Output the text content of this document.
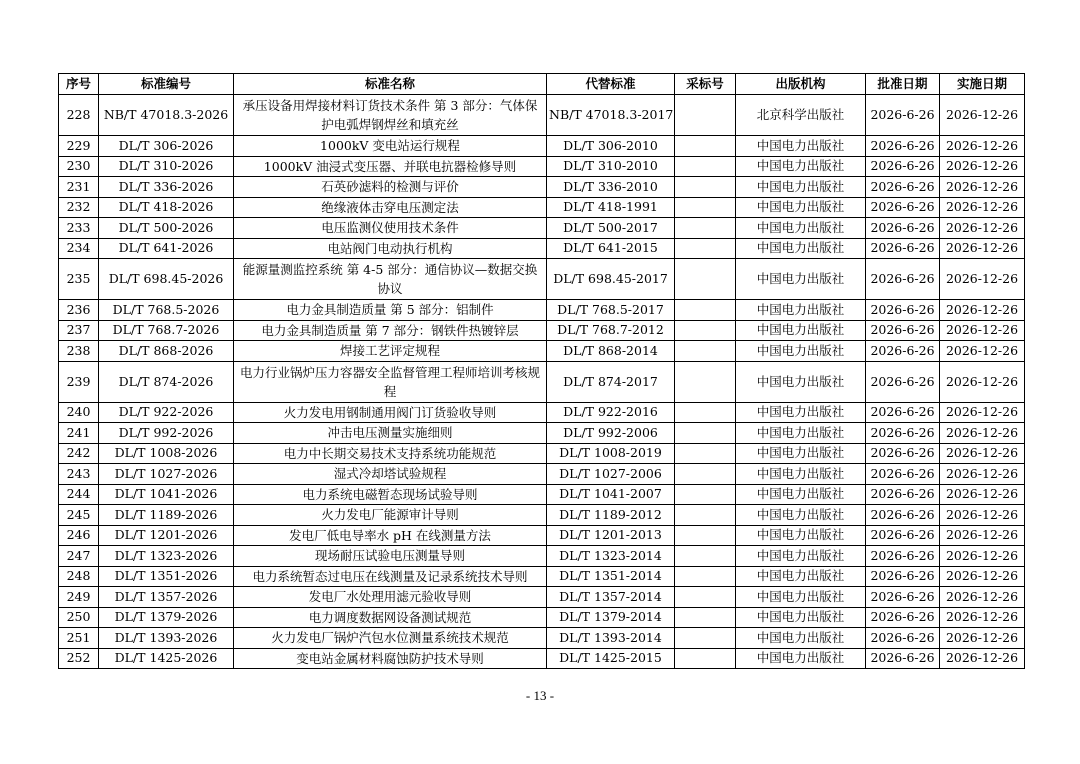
序号	标准编号	标准名称	代替标准	采标号	出版机构	批准日期	实施日期
228	NB/T 47018.3-2026	承压设备用焊接材料订货技术条件 第 3 部分：气体保护电弧焊钢焊丝和填充丝	NB/T 47018.3-2017		北京科学出版社	2026-6-26	2026-12-26
229	DL/T 306-2026	1000kV 变电站运行规程	DL/T 306-2010		中国电力出版社	2026-6-26	2026-12-26
230	DL/T 310-2026	1000kV 油浸式变压器、并联电抗器检修导则	DL/T 310-2010		中国电力出版社	2026-6-26	2026-12-26
231	DL/T 336-2026	石英砂滤料的检测与评价	DL/T 336-2010		中国电力出版社	2026-6-26	2026-12-26
232	DL/T 418-2026	绝缘液体击穿电压测定法	DL/T 418-1991		中国电力出版社	2026-6-26	2026-12-26
233	DL/T 500-2026	电压监测仪使用技术条件	DL/T 500-2017		中国电力出版社	2026-6-26	2026-12-26
234	DL/T 641-2026	电站阀门电动执行机构	DL/T 641-2015		中国电力出版社	2026-6-26	2026-12-26
235	DL/T 698.45-2026	能源量测监控系统 第 4-5 部分：通信协议—数据交换协议	DL/T 698.45-2017		中国电力出版社	2026-6-26	2026-12-26
236	DL/T 768.5-2026	电力金具制造质量 第 5 部分：铝制件	DL/T 768.5-2017		中国电力出版社	2026-6-26	2026-12-26
237	DL/T 768.7-2026	电力金具制造质量 第 7 部分：钢铁件热镀锌层	DL/T 768.7-2012		中国电力出版社	2026-6-26	2026-12-26
238	DL/T 868-2026	焊接工艺评定规程	DL/T 868-2014		中国电力出版社	2026-6-26	2026-12-26
239	DL/T 874-2026	电力行业锅炉压力容器安全监督管理工程师培训考核规程	DL/T 874-2017		中国电力出版社	2026-6-26	2026-12-26
240	DL/T 922-2026	火力发电用钢制通用阀门订货验收导则	DL/T 922-2016		中国电力出版社	2026-6-26	2026-12-26
241	DL/T 992-2026	冲击电压测量实施细则	DL/T 992-2006		中国电力出版社	2026-6-26	2026-12-26
242	DL/T 1008-2026	电力中长期交易技术支持系统功能规范	DL/T 1008-2019		中国电力出版社	2026-6-26	2026-12-26
243	DL/T 1027-2026	湿式冷却塔试验规程	DL/T 1027-2006		中国电力出版社	2026-6-26	2026-12-26
244	DL/T 1041-2026	电力系统电磁暂态现场试验导则	DL/T 1041-2007		中国电力出版社	2026-6-26	2026-12-26
245	DL/T 1189-2026	火力发电厂能源审计导则	DL/T 1189-2012		中国电力出版社	2026-6-26	2026-12-26
246	DL/T 1201-2026	发电厂低电导率水 pH 在线测量方法	DL/T 1201-2013		中国电力出版社	2026-6-26	2026-12-26
247	DL/T 1323-2026	现场耐压试验电压测量导则	DL/T 1323-2014		中国电力出版社	2026-6-26	2026-12-26
248	DL/T 1351-2026	电力系统暂态过电压在线测量及记录系统技术导则	DL/T 1351-2014		中国电力出版社	2026-6-26	2026-12-26
249	DL/T 1357-2026	发电厂水处理用滤元验收导则	DL/T 1357-2014		中国电力出版社	2026-6-26	2026-12-26
250	DL/T 1379-2026	电力调度数据网设备测试规范	DL/T 1379-2014		中国电力出版社	2026-6-26	2026-12-26
251	DL/T 1393-2026	火力发电厂锅炉汽包水位测量系统技术规范	DL/T 1393-2014		中国电力出版社	2026-6-26	2026-12-26
252	DL/T 1425-2026	变电站金属材料腐蚀防护技术导则	DL/T 1425-2015		中国电力出版社	2026-6-26	2026-12-26
- 13 -
